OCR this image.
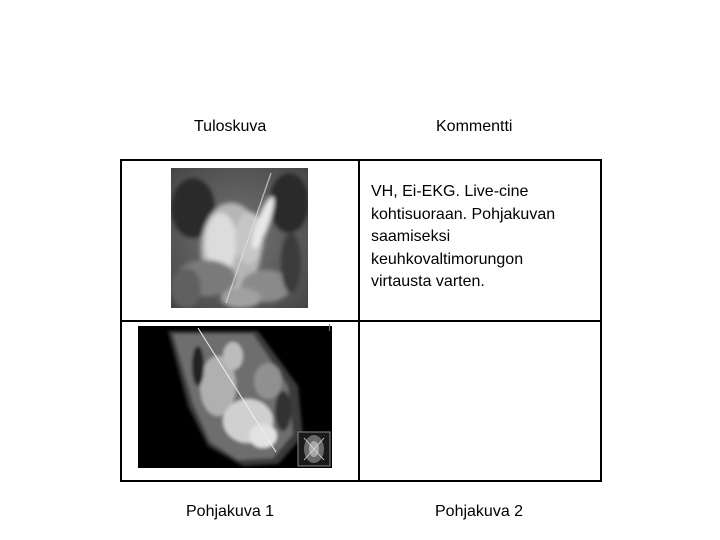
Tuloskuva	Kommentti
VH, Ei-EKG. Live-cine
kohtisuoraan. Pohjakuvan
saamiseksi
keuhkovaltimorungon
virtausta varten.
Pohjakuva 1	Pohjakuva 2
